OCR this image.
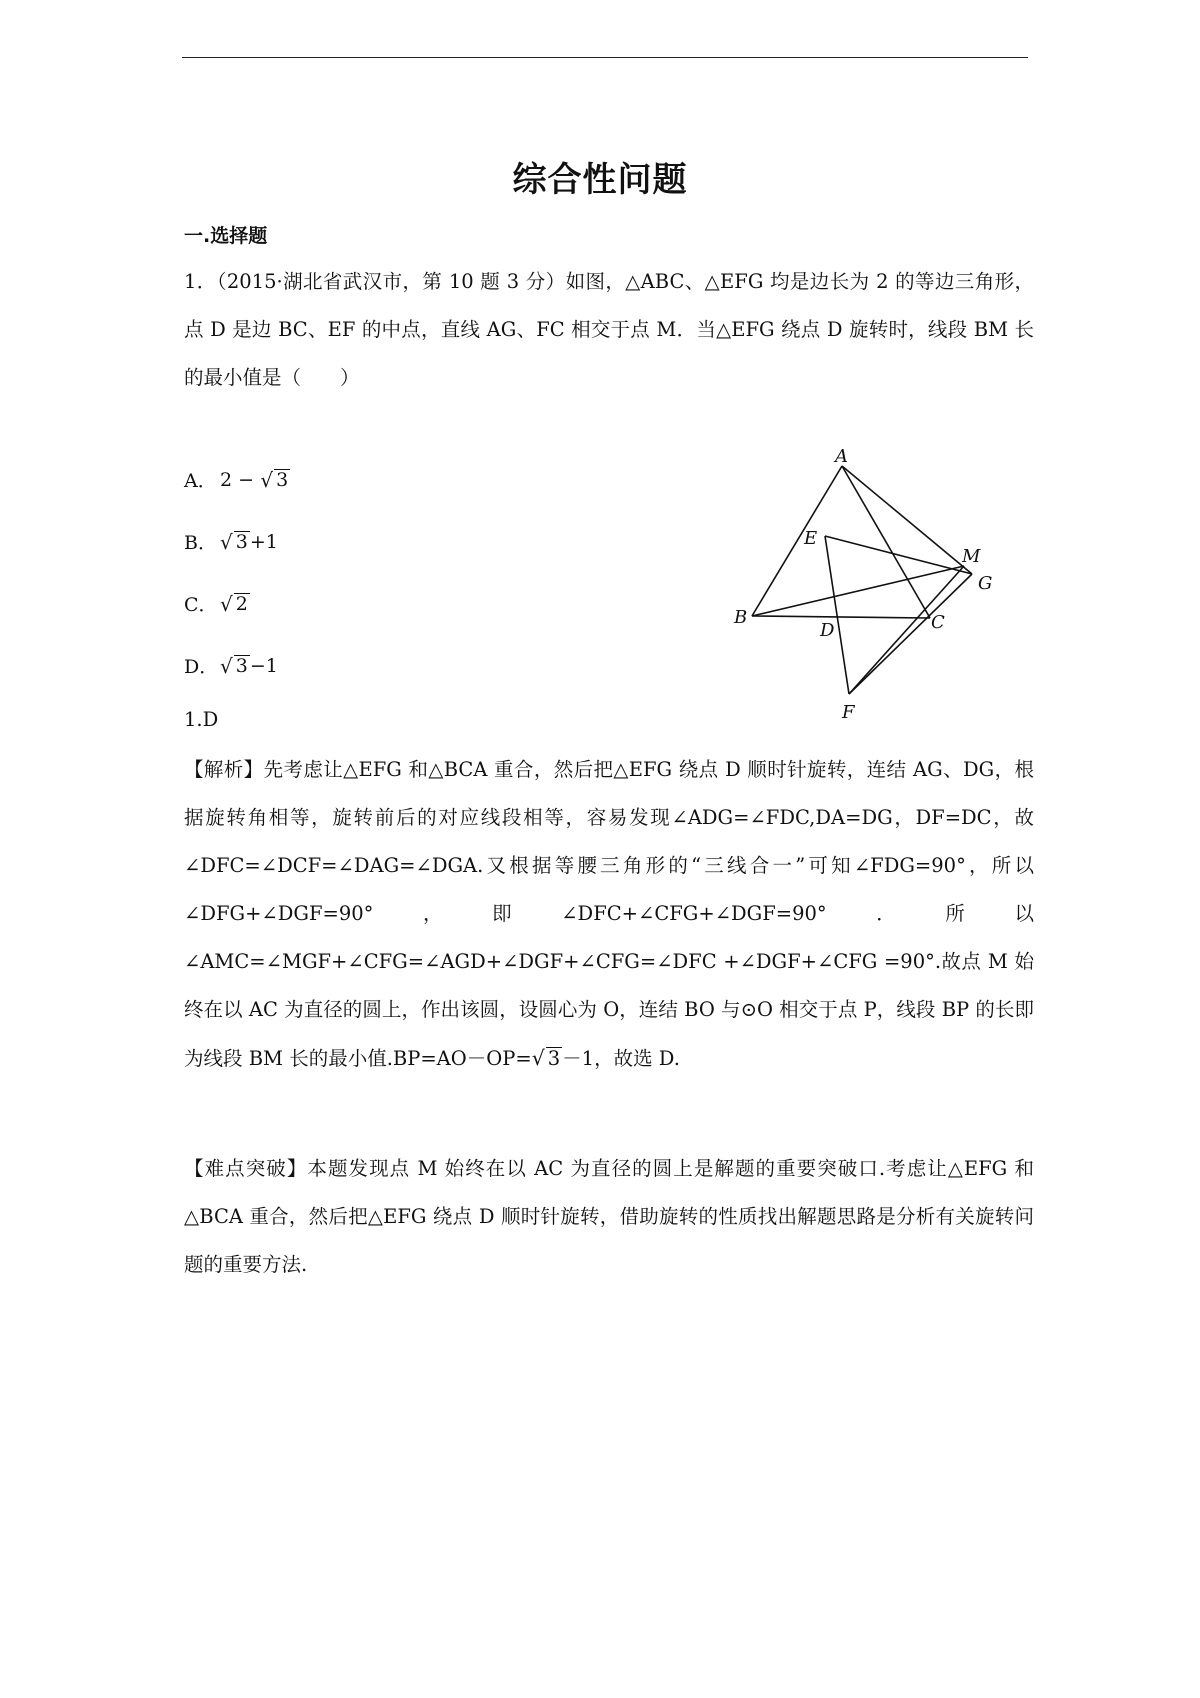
综合性问题
一.选择题
1．（2015·湖北省武汉市，第 10 题 3 分）如图，△ABC、△EFG 均是边长为 2 的等边三角形，点 D 是边 BC、EF 的中点，直线 AG、FC 相交于点 M．当△EFG 绕点 D 旋转时，线段 BM 长的最小值是（　　）
A． 2 − √ 3
B． √ 3 +1
C． √ 2
D． √ 3 −1
A
B	C
D
E
F
G
M
1.D
【解析】先考虑让△EFG 和△BCA 重合，然后把△EFG 绕点 D 顺时针旋转，连结 AG、DG，根据旋转角相等，旋转前后的对应线段相等，容易发现∠ADG=∠FDC,DA=DG，DF=DC，故∠DFC=∠DCF=∠DAG=∠DGA.又根据等腰三角形的“三线合一”可知∠FDG=90°，所以∠DFG+∠DGF=90°，即∠DFC+∠CFG+∠DGF=90°．所以∠AMC=∠MGF+∠CFG=∠AGD+∠DGF+∠CFG=∠DFC +∠DGF+∠CFG =90°.故点 M 始终在以 AC 为直径的圆上，作出该圆，设圆心为 O，连结 BO 与⊙O 相交于点 P，线段 BP 的长即为线段 BM 长的最小值.BP=AO－OP=√ 3 －1，故选 D.
【难点突破】本题发现点 M 始终在以 AC 为直径的圆上是解题的重要突破口.考虑让△EFG 和△BCA 重合，然后把△EFG 绕点 D 顺时针旋转，借助旋转的性质找出解题思路是分析有关旋转问题的重要方法.
